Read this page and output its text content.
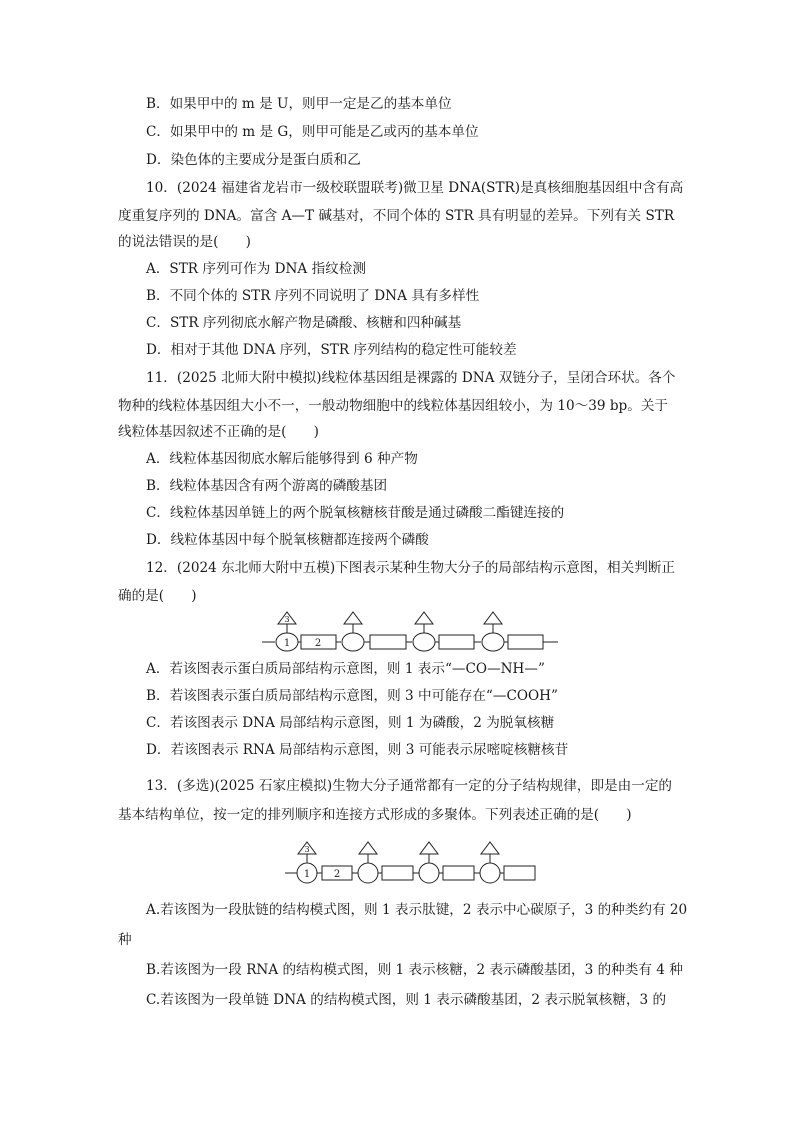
B．如果甲中的 m 是 U，则甲一定是乙的基本单位
C．如果甲中的 m 是 G，则甲可能是乙或丙的基本单位
D．染色体的主要成分是蛋白质和乙
10．(2024 福建省龙岩市一级校联盟联考)微卫星 DNA(STR)是真核细胞基因组中含有高
度重复序列的 DNA。富含 A—T 碱基对，不同个体的 STR 具有明显的差异。下列有关 STR
的说法错误的是(　　)
A．STR 序列可作为 DNA 指纹检测
B．不同个体的 STR 序列不同说明了 DNA 具有多样性
C．STR 序列彻底水解产物是磷酸、核糖和四种碱基
D．相对于其他 DNA 序列，STR 序列结构的稳定性可能较差
11．(2025 北师大附中模拟)线粒体基因组是裸露的 DNA 双链分子，呈闭合环状。各个
物种的线粒体基因组大小不一，一般动物细胞中的线粒体基因组较小，为 10～39 bp。关于
线粒体基因叙述不正确的是(　　)
A．线粒体基因彻底水解后能够得到 6 种产物
B．线粒体基因含有两个游离的磷酸基团
C．线粒体基因单链上的两个脱氧核糖核苷酸是通过磷酸二酯键连接的
D．线粒体基因中每个脱氧核糖都连接两个磷酸
12．(2024 东北师大附中五模)下图表示某种生物大分子的局部结构示意图，相关判断正
确的是(　　)
1 2
3
A．若该图表示蛋白质局部结构示意图，则 1 表示“—CO—NH—”
B．若该图表示蛋白质局部结构示意图，则 3 中可能存在“—COOH”
C．若该图表示 DNA 局部结构示意图，则 1 为磷酸，2 为脱氧核糖
D．若该图表示 RNA 局部结构示意图，则 3 可能表示尿嘧啶核糖核苷
13．(多选)(2025 石家庄模拟)生物大分子通常都有一定的分子结构规律，即是由一定的
基本结构单位，按一定的排列顺序和连接方式形成的多聚体。下列表述正确的是(　　)
1 2
3
A.若该图为一段肽链的结构模式图，则 1 表示肽键，2 表示中心碳原子，3 的种类约有 20
种
B.若该图为一段 RNA 的结构模式图，则 1 表示核糖，2 表示磷酸基团，3 的种类有 4 种
C.若该图为一段单链 DNA 的结构模式图，则 1 表示磷酸基团，2 表示脱氧核糖，3 的
